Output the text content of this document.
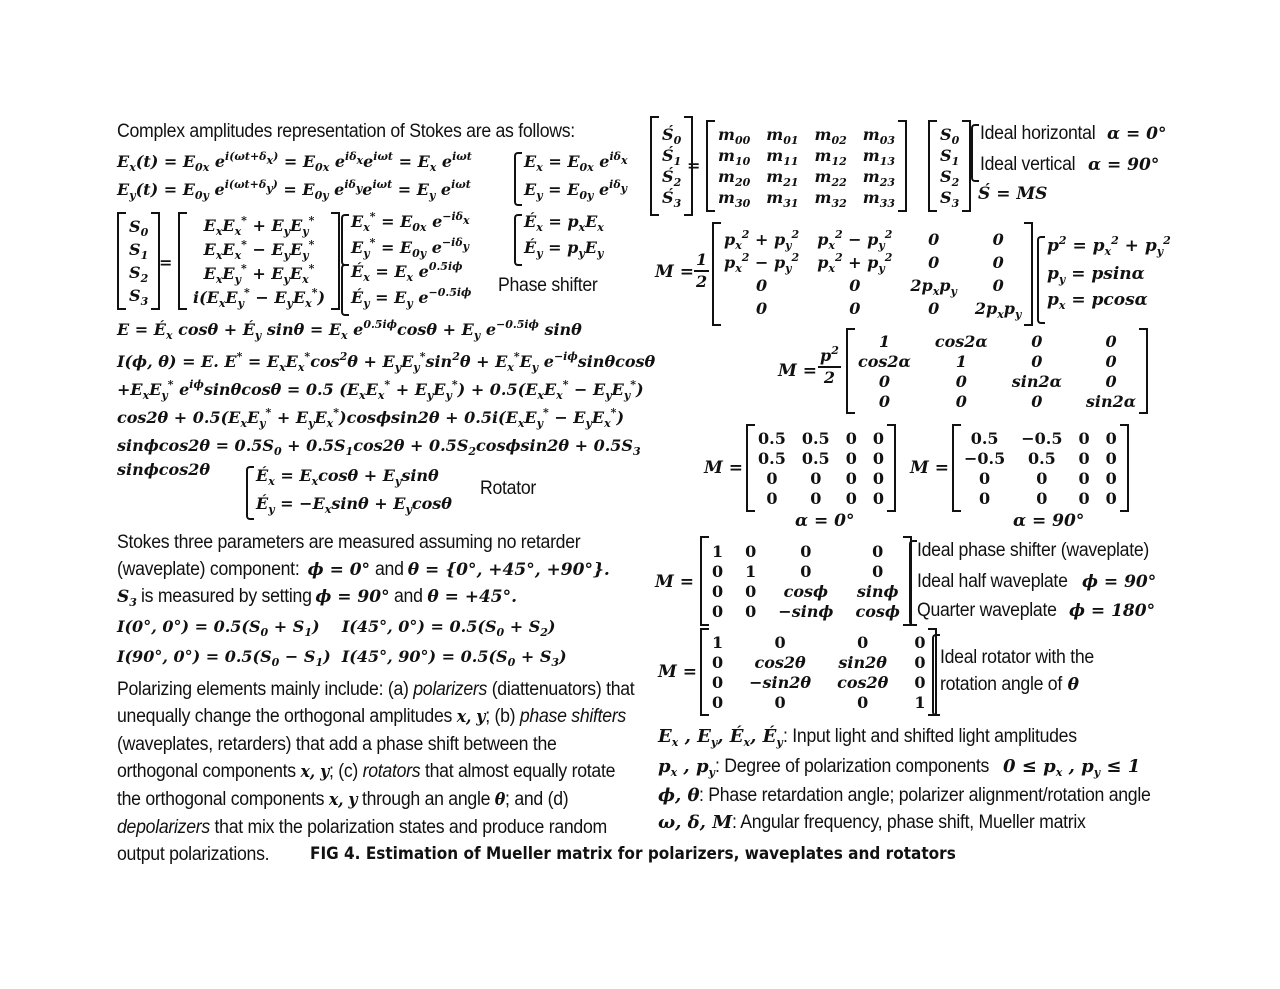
Complex amplitudes representation of Stokes are as follows:
$E_x(t) = E_{0x}$ $e^{i(\omega t+\delta_x)} = E_{0x}$ $e^{i\delta_x}e^{i\omega t} = E_x$ $e^{i\omega t}$
$E_y(t) = E_{0y}$ $e^{i(\omega t+\delta_y)} = E_{0y}$ $e^{i\delta_y}e^{i\omega t} = E_y$ $e^{i\omega t}$
$E_x = E_{0x}$ $e^{i\delta_x}$
$E_y = E_{0y}$ $e^{i\delta_y}$
$S_0$
$S_1$
$S_2$
$S_3$
=
$E_xE_x^* + E_yE_y^*$
$E_xE_x^* - E_yE_y^*$
$E_xE_y^* + E_yE_x^*$
$i(E_xE_y^* - E_yE_x^*)$
$E_x^* = E_{0x}$ $e^{-i\delta_x}$
$E_y^* = E_{0y}$ $e^{-i\delta_y}$
$É_x = E_x$ $e^{0.5i\phi}$
$É_y = E_y$ $e^{-0.5i\phi}$ Phase shifter
$É_x = p_xE_x$
$É_y = p_yE_y$
$E = É_x$ $\cos\theta + É_y$ $\sin\theta = E_x$ $e^{0.5i\phi}\cos\theta + E_y$ $e^{-0.5i\phi}$ sinθ
I(ϕ, θ) = E. $E^* = E_xE_x^*\cos^2\theta + E_yE_y^*\sin^2\theta + E_x^*E_y$ $e^{-i\phi}\sin\theta\cos\theta$
$+E_xE_y^*$ $e^{i\phi}\sin\theta\cos\theta = 0.5$ $(E_xE_x^* + E_yE_y^*) + 0.5(E_xE_x^* - E_yE_y^*)$
$\cos 2\theta + 0.5(E_xE_y^* + E_yE_x^*)\cos\phi\sin 2\theta + 0.5i(E_xE_y^* - E_yE_x^*)$
$\sin\phi\cos 2\theta = 0.5S_0 + 0.5S_1\cos 2\theta + 0.5S_2\cos\phi\sin 2\theta + 0.5S_3$
sinϕcos2θ	$É_x = E_x\cos\theta + E_y\sin\theta$
$É_y = -E_x\sin\theta + E_y\cos\theta$
Rotator
Stokes three parameters are measured assuming no retarder
(waveplate) component: ϕ = 0° and θ = {0°, +45°, +90°}.
$S_3$ is measured by setting ϕ = 90° and θ = +45°.
I(0°, $0^\circ) = 0.5(S_0 + S_1)$    I(45°, $0^\circ) = 0.5(S_0 + S_2)$
I(90°, $0^\circ) = 0.5(S_0 - S_1)$  I(45°, $90^\circ) = 0.5(S_0 + S_3)$
Polarizing elements mainly include: (a) polarizers (diattenuators) that
unequally change the orthogonal amplitudes x, y; (b) phase shifters
(waveplates, retarders) that add a phase shift between the
orthogonal components x, y; (c) rotators that almost equally rotate
the orthogonal components x, y through an angle θ; and (d)
depolarizers that mix the polarization states and produce random
output polarizations.
$Ś_0$
$Ś_1$
$Ś_2$
$Ś_3$
=
$m_{00}$ $m_{01}$ $m_{02}$ $m_{03}$
$m_{10}$ $m_{11}$ $m_{12}$ $m_{13}$
$m_{20}$ $m_{21}$ $m_{22}$ $m_{23}$
$m_{30}$ $m_{31}$ $m_{32}$ $m_{33}$
$S_0$
$S_1$
$S_2$
$S_3$
Ideal horizontal α = 0°
Ideal vertical α = 90°
Ś = MS
$M = \frac{1}{2}$
$p_x^2 + p_y^2$ $p_x^2 - p_y^2$ 0	0
$p_x^2 - p_y^2$ $p_x^2 + p_y^2$ 0	0
0	0	$2p_xp_y$ 0
0	0	0 $2p_xp_y$
$p^2 = p_x^2 + p_y^2$
$p_y = psin\alpha$
$p_x = pcos\alpha$
$M = \frac{p^2}{2}$
1	cos2α	0	0
cos2α	1	0	0
0	0	sin2α	0
0	0	0	sin2α
M =
0.5 0.5 0 0
0.5 0.5 0 0
0 0 0 0
0 0 0 0
α = 0°
M =
0.5 −0.5 0 0
−0.5 0.5 0 0
0	0 0 0
0	0 0 0
α = 90°
M =
1 0	0	0
0 1	0	0
0 0 cosϕ sinϕ
0 0 −sinϕ cosϕ
Ideal phase shifter (waveplate)
Ideal half waveplate ϕ = 90°
Quarter waveplate ϕ = 180°
M =
1	0	0	0
0 cos2θ sin2θ 0
0 −sin2θ cos2θ 0
0	0	0	1
Ideal rotator with the
rotation angle of θ
$E_x$ , $E_y$, $É_x$, $É_y$: Input light and shifted light amplitudes
$p_x$ , $p_y$: Degree of polarization components $0 \le p_x$ , $p_y \le 1$
ϕ, θ: Phase retardation angle; polarizer alignment/rotation angle
ω, δ, M: Angular frequency, phase shift, Mueller matrix
FIG 4. Estimation of Mueller matrix for polarizers, waveplates and rotators
